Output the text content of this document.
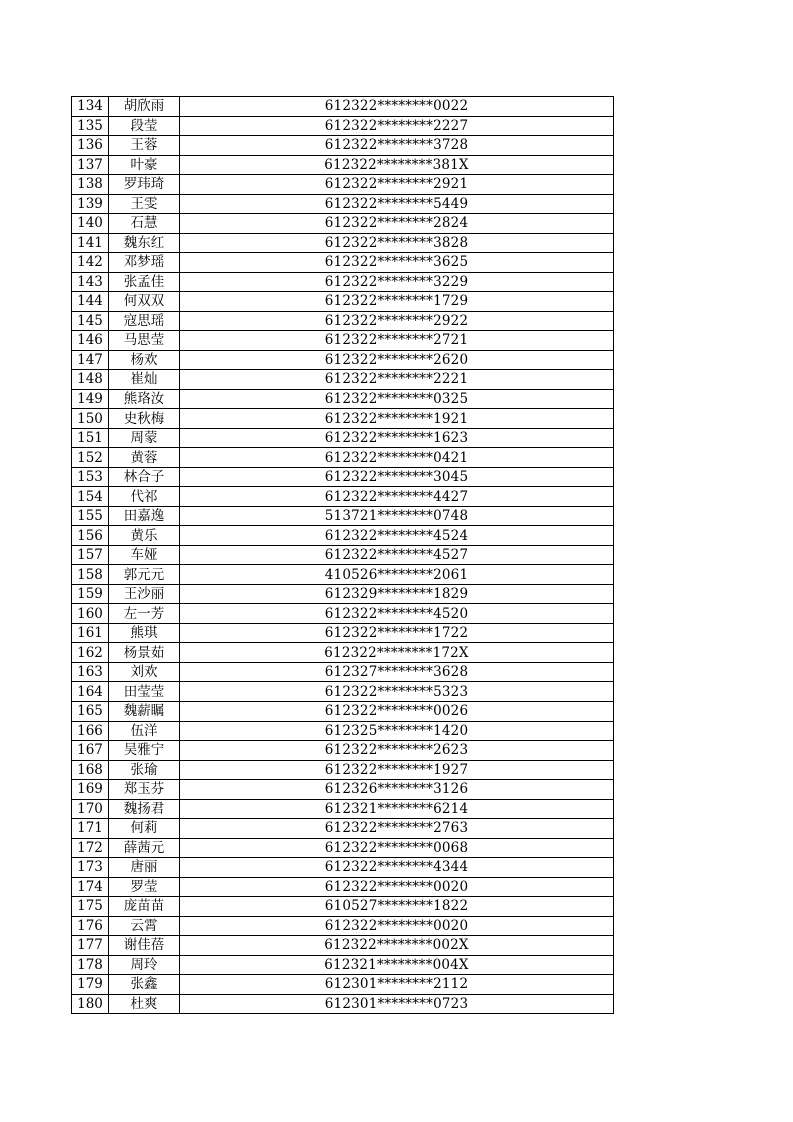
134	胡欣雨	612322********0022
135	段莹	612322********2227
136	王蓉	612322********3728
137	叶豪	612322********381X
138	罗玮琦	612322********2921
139	王雯	612322********5449
140	石慧	612322********2824
141	魏东红	612322********3828
142	邓梦瑶	612322********3625
143	张孟佳	612322********3229
144	何双双	612322********1729
145	寇思瑶	612322********2922
146	马思莹	612322********2721
147	杨欢	612322********2620
148	崔灿	612322********2221
149	熊珞汝	612322********0325
150	史秋梅	612322********1921
151	周蒙	612322********1623
152	黄蓉	612322********0421
153	林合子	612322********3045
154	代祁	612322********4427
155	田嘉逸	513721********0748
156	黄乐	612322********4524
157	车娅	612322********4527
158	郭元元	410526********2061
159	王沙丽	612329********1829
160	左一芳	612322********4520
161	熊琪	612322********1722
162	杨景茹	612322********172X
163	刘欢	612327********3628
164	田莹莹	612322********5323
165	魏薪瞩	612322********0026
166	伍洋	612325********1420
167	吴雅宁	612322********2623
168	张瑜	612322********1927
169	郑玉芬	612326********3126
170	魏扬君	612321********6214
171	何莉	612322********2763
172	薛茜元	612322********0068
173	唐丽	612322********4344
174	罗莹	612322********0020
175	庞苗苗	610527********1822
176	云霄	612322********0020
177	谢佳蓓	612322********002X
178	周玲	612321********004X
179	张鑫	612301********2112
180	杜爽	612301********0723
